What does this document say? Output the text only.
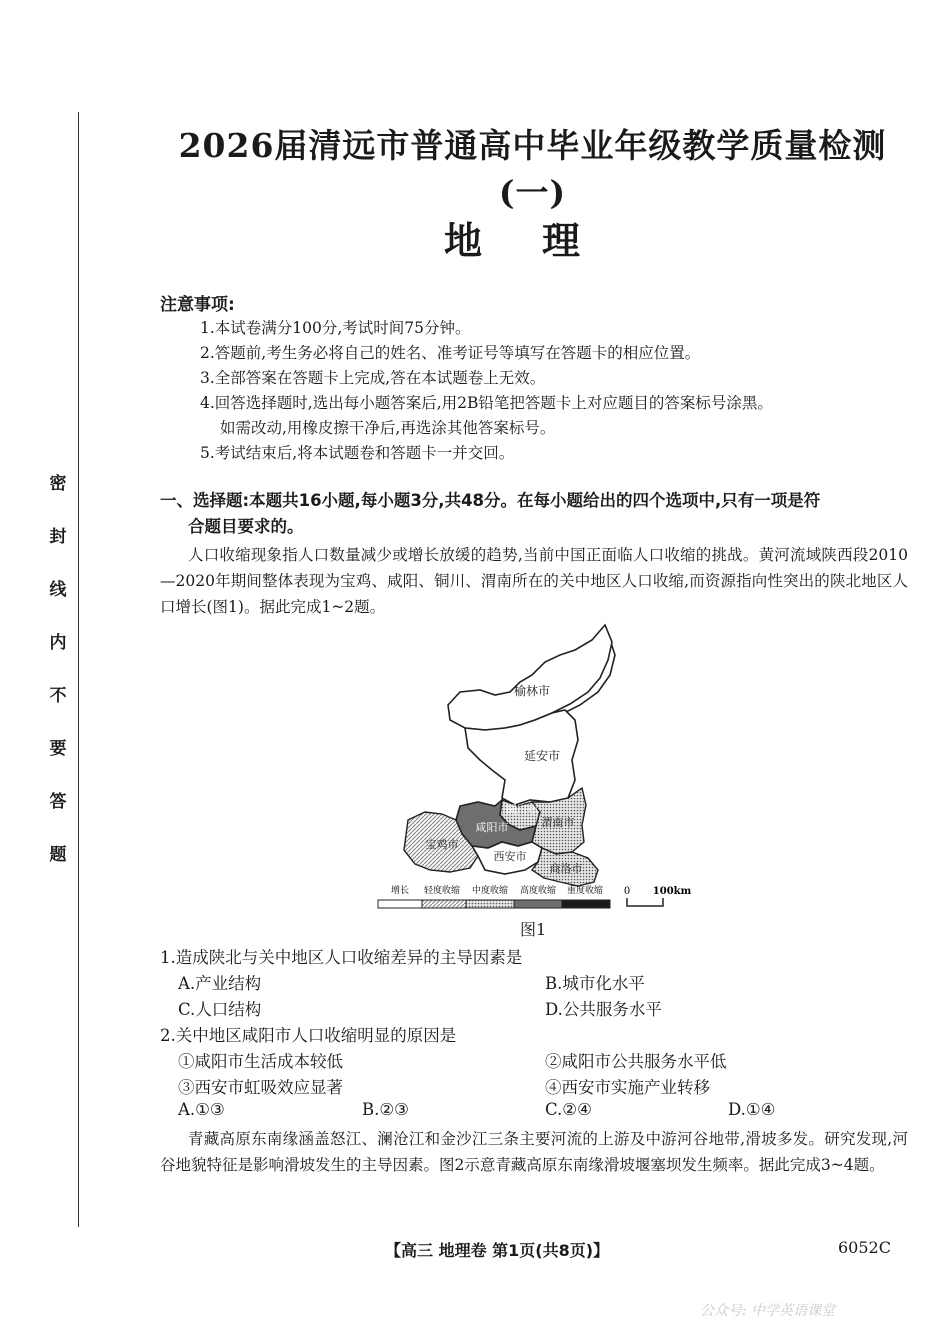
密
封
线
内
不
要
答
题
2026届清远市普通高中毕业年级教学质量检测(一)
地理
注意事项:
1.本试卷满分100分,考试时间75分钟。
2.答题前,考生务必将自己的姓名、准考证号等填写在答题卡的相应位置。
3.全部答案在答题卡上完成,答在本试题卷上无效。
4.回答选择题时,选出每小题答案后,用2B铅笔把答题卡上对应题目的答案标号涂黑。
如需改动,用橡皮擦干净后,再选涂其他答案标号。
5.考试结束后,将本试题卷和答题卡一并交回。
一、选择题:本题共16小题,每小题3分,共48分。在每小题给出的四个选项中,只有一项是符
合题目要求的。
人口收缩现象指人口数量减少或增长放缓的趋势,当前中国正面临人口收缩的挑战。黄河流域陕西段2010—2020年期间整体表现为宝鸡、咸阳、铜川、渭南所在的关中地区人口收缩,而资源指向性突出的陕北地区人口增长(图1)。据此完成1~2题。
榆林市
延安市
铜川市
咸阳市	渭南市
宝鸡市
西安市
商洛市
增长 轻度收缩 中度收缩 高度收缩 重度收缩 0 100km
图1
1.造成陕北与关中地区人口收缩差异的主导因素是
A.产业结构	B.城市化水平
C.人口结构	D.公共服务水平
2.关中地区咸阳市人口收缩明显的原因是
①咸阳市生活成本较低	②咸阳市公共服务水平低
③西安市虹吸效应显著	④西安市实施产业转移
A.①③	B.②③	C.②④	D.①④
青藏高原东南缘涵盖怒江、澜沧江和金沙江三条主要河流的上游及中游河谷地带,滑坡多发。研究发现,河谷地貌特征是影响滑坡发生的主导因素。图2示意青藏高原东南缘滑坡堰塞坝发生频率。据此完成3~4题。
【高三 地理卷 第1页(共8页)】	6052C
公众号: 中学英语课堂
